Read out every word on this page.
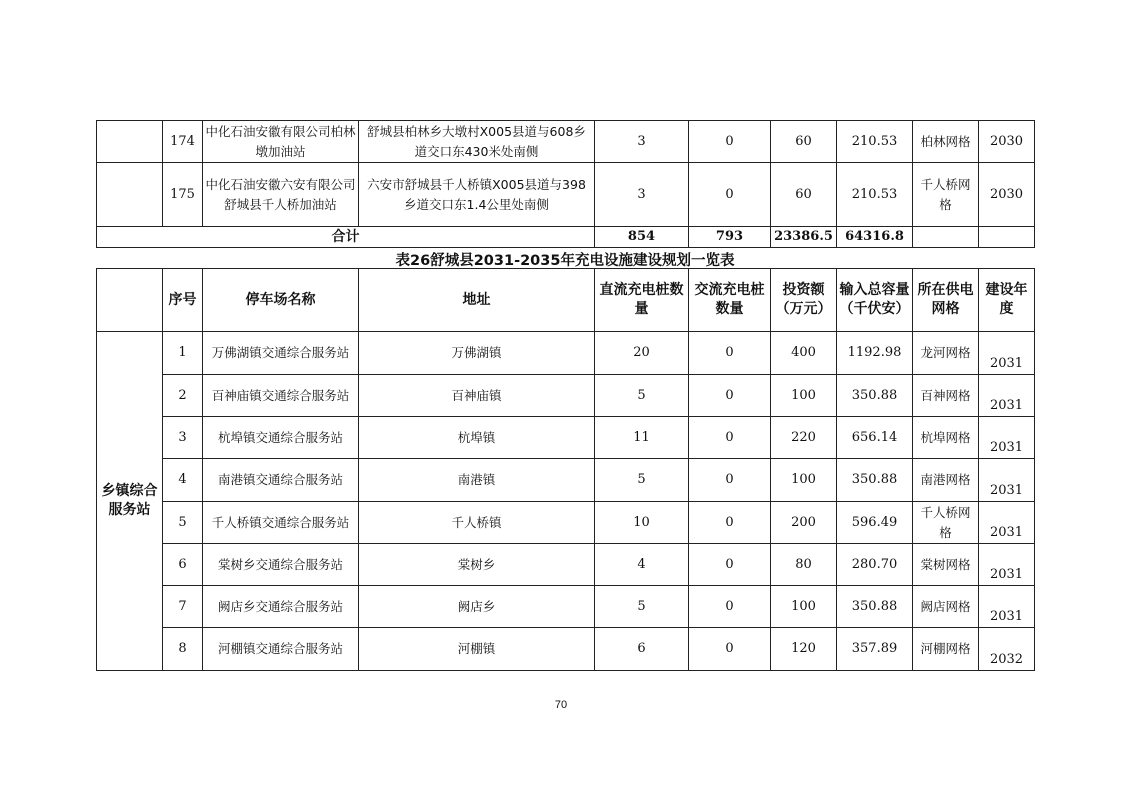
	174	中化石油安徽有限公司柏林墩加油站	舒城县柏林乡大墩村X005县道与608乡道交口东430米处南侧	3	0	60	210.53	柏林网格	2030
	175	中化石油安徽六安有限公司舒城县千人桥加油站	六安市舒城县千人桥镇X005县道与398乡道交口东1.4公里处南侧	3	0	60	210.53	千人桥网格	2030
合计				854	793	23386.5	64316.8		
表26舒城县2031-2035年充电设施建设规划一览表
	序号	停车场名称	地址	直流充电桩数量	交流充电桩数量	投资额（万元）	输入总容量（千伏安）	所在供电网格	建设年度
乡镇综合服务站	1	万佛湖镇交通综合服务站	万佛湖镇	20	0	400	1192.98	龙河网格	2031
	2	百神庙镇交通综合服务站	百神庙镇	5	0	100	350.88	百神网格	2031
	3	杭埠镇交通综合服务站	杭埠镇	11	0	220	656.14	杭埠网格	2031
	4	南港镇交通综合服务站	南港镇	5	0	100	350.88	南港网格	2031
	5	千人桥镇交通综合服务站	千人桥镇	10	0	200	596.49	千人桥网格	2031
	6	棠树乡交通综合服务站	棠树乡	4	0	80	280.70	棠树网格	2031
	7	阙店乡交通综合服务站	阙店乡	5	0	100	350.88	阙店网格	2031
	8	河棚镇交通综合服务站	河棚镇	6	0	120	357.89	河棚网格	2032
70
